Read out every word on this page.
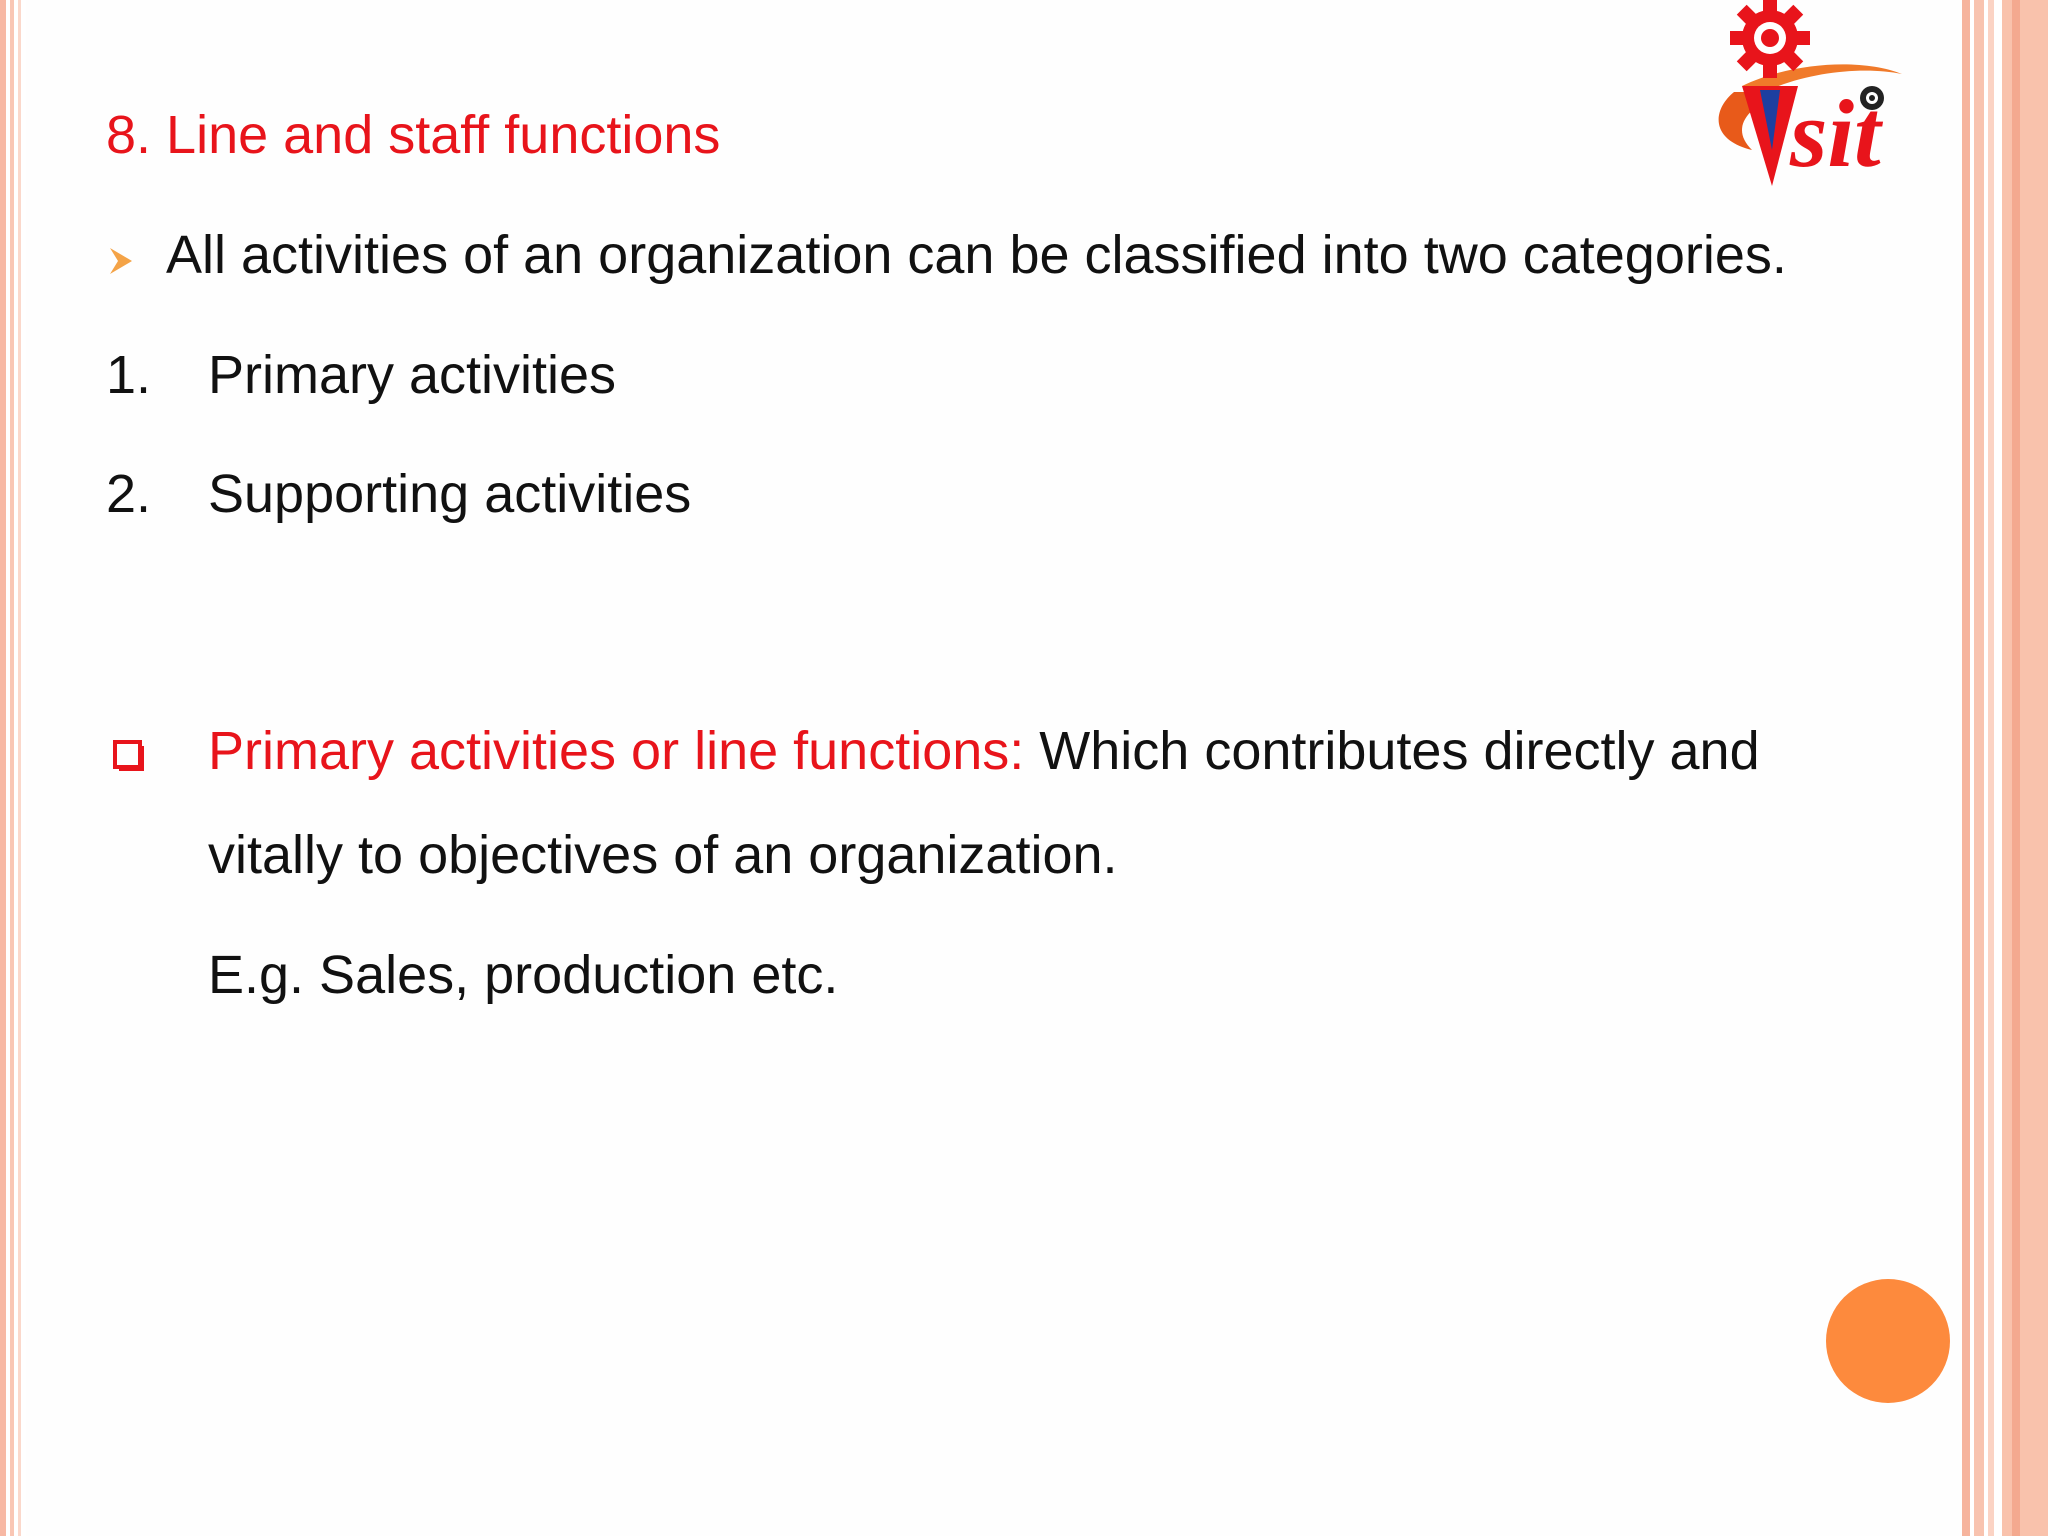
sit
8. Line and staff functions
All activities of an organization can be classified into two categories.
1. Primary activities
2. Supporting activities
Primary activities or line functions: Which contributes directly and
vitally to objectives of an organization.
E.g. Sales, production etc.
